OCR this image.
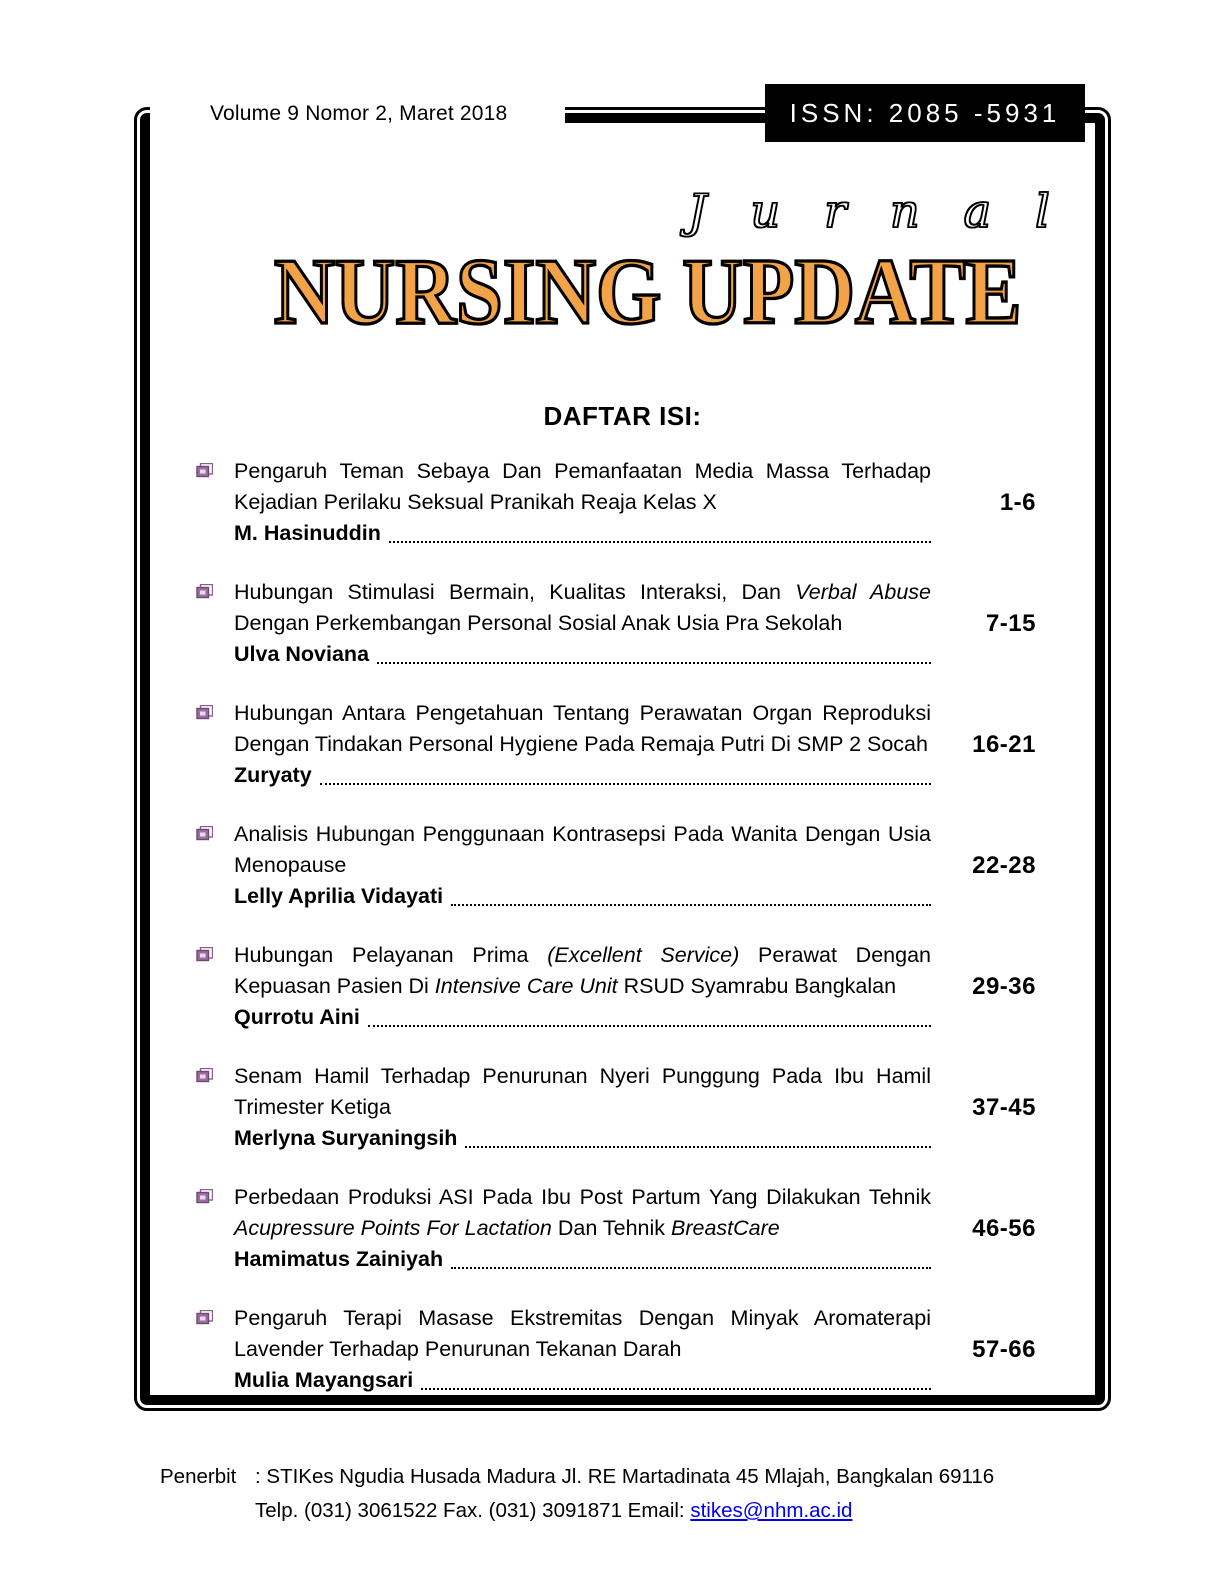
Volume 9 Nomor 2, Maret 2018	ISSN: 2085 -5931
Jurnal
NURSING UPDATE
DAFTAR ISI:
Pengaruh Teman Sebaya Dan Pemanfaatan Media Massa Terhadap Kejadian Perilaku Seksual Pranikah Reaja Kelas X
M. Hasinuddin
1-6
Hubungan Stimulasi Bermain, Kualitas Interaksi, Dan Verbal Abuse Dengan Perkembangan Personal Sosial Anak Usia Pra Sekolah
Ulva Noviana
7-15
Hubungan Antara Pengetahuan Tentang Perawatan Organ Reproduksi Dengan Tindakan Personal Hygiene Pada Remaja Putri Di SMP 2 Socah
Zuryaty
16-21
Analisis Hubungan Penggunaan Kontrasepsi Pada Wanita Dengan Usia Menopause
Lelly Aprilia Vidayati
22-28
Hubungan Pelayanan Prima (Excellent Service) Perawat Dengan Kepuasan Pasien Di Intensive Care Unit RSUD Syamrabu Bangkalan
Qurrotu Aini
29-36
Senam Hamil Terhadap Penurunan Nyeri Punggung Pada Ibu Hamil Trimester Ketiga
Merlyna Suryaningsih
37-45
Perbedaan Produksi ASI Pada Ibu Post Partum Yang Dilakukan Tehnik Acupressure Points For Lactation Dan Tehnik BreastCare
Hamimatus Zainiyah
46-56
Pengaruh Terapi Masase Ekstremitas Dengan Minyak Aromaterapi Lavender Terhadap Penurunan Tekanan Darah
Mulia Mayangsari
57-66
Penerbit : STIKes Ngudia Husada Madura Jl. RE Martadinata 45 Mlajah, Bangkalan 69116
Telp. (031) 3061522 Fax. (031) 3091871 Email: stikes@nhm.ac.id
